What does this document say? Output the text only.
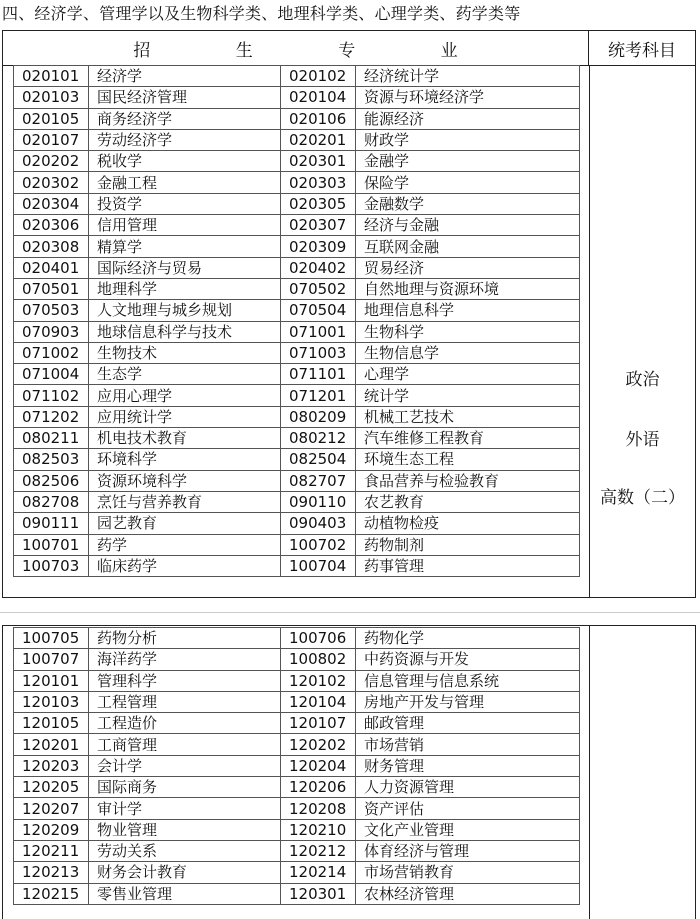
四、经济学、管理学以及生物科学类、地理科学类、心理学类、药学类等
招 生 专 业	统考科目
020101	经济学	020102	经济统计学
020103	国民经济管理	020104	资源与环境经济学
020105	商务经济学	020106	能源经济
020107	劳动经济学	020201	财政学
020202	税收学	020301	金融学
020302	金融工程	020303	保险学
020304	投资学	020305	金融数学
020306	信用管理	020307	经济与金融
020308	精算学	020309	互联网金融
020401	国际经济与贸易	020402	贸易经济
070501	地理科学	070502	自然地理与资源环境
070503	人文地理与城乡规划	070504	地理信息科学
070903	地球信息科学与技术	071001	生物科学
071002	生物技术	071003	生物信息学
071004	生态学	071101	心理学
071102	应用心理学	071201	统计学
071202	应用统计学	080209	机械工艺技术
080211	机电技术教育	080212	汽车维修工程教育
082503	环境科学	082504	环境生态工程
082506	资源环境科学	082707	食品营养与检验教育
082708	烹饪与营养教育	090110	农艺教育
090111	园艺教育	090403	动植物检疫
100701	药学	100702	药物制剂
100703	临床药学	100704	药事管理
政治
外语
高数（二）
100705	药物分析	100706	药物化学
100707	海洋药学	100802	中药资源与开发
120101	管理科学	120102	信息管理与信息系统
120103	工程管理	120104	房地产开发与管理
120105	工程造价	120107	邮政管理
120201	工商管理	120202	市场营销
120203	会计学	120204	财务管理
120205	国际商务	120206	人力资源管理
120207	审计学	120208	资产评估
120209	物业管理	120210	文化产业管理
120211	劳动关系	120212	体育经济与管理
120213	财务会计教育	120214	市场营销教育
120215	零售业管理	120301	农林经济管理
